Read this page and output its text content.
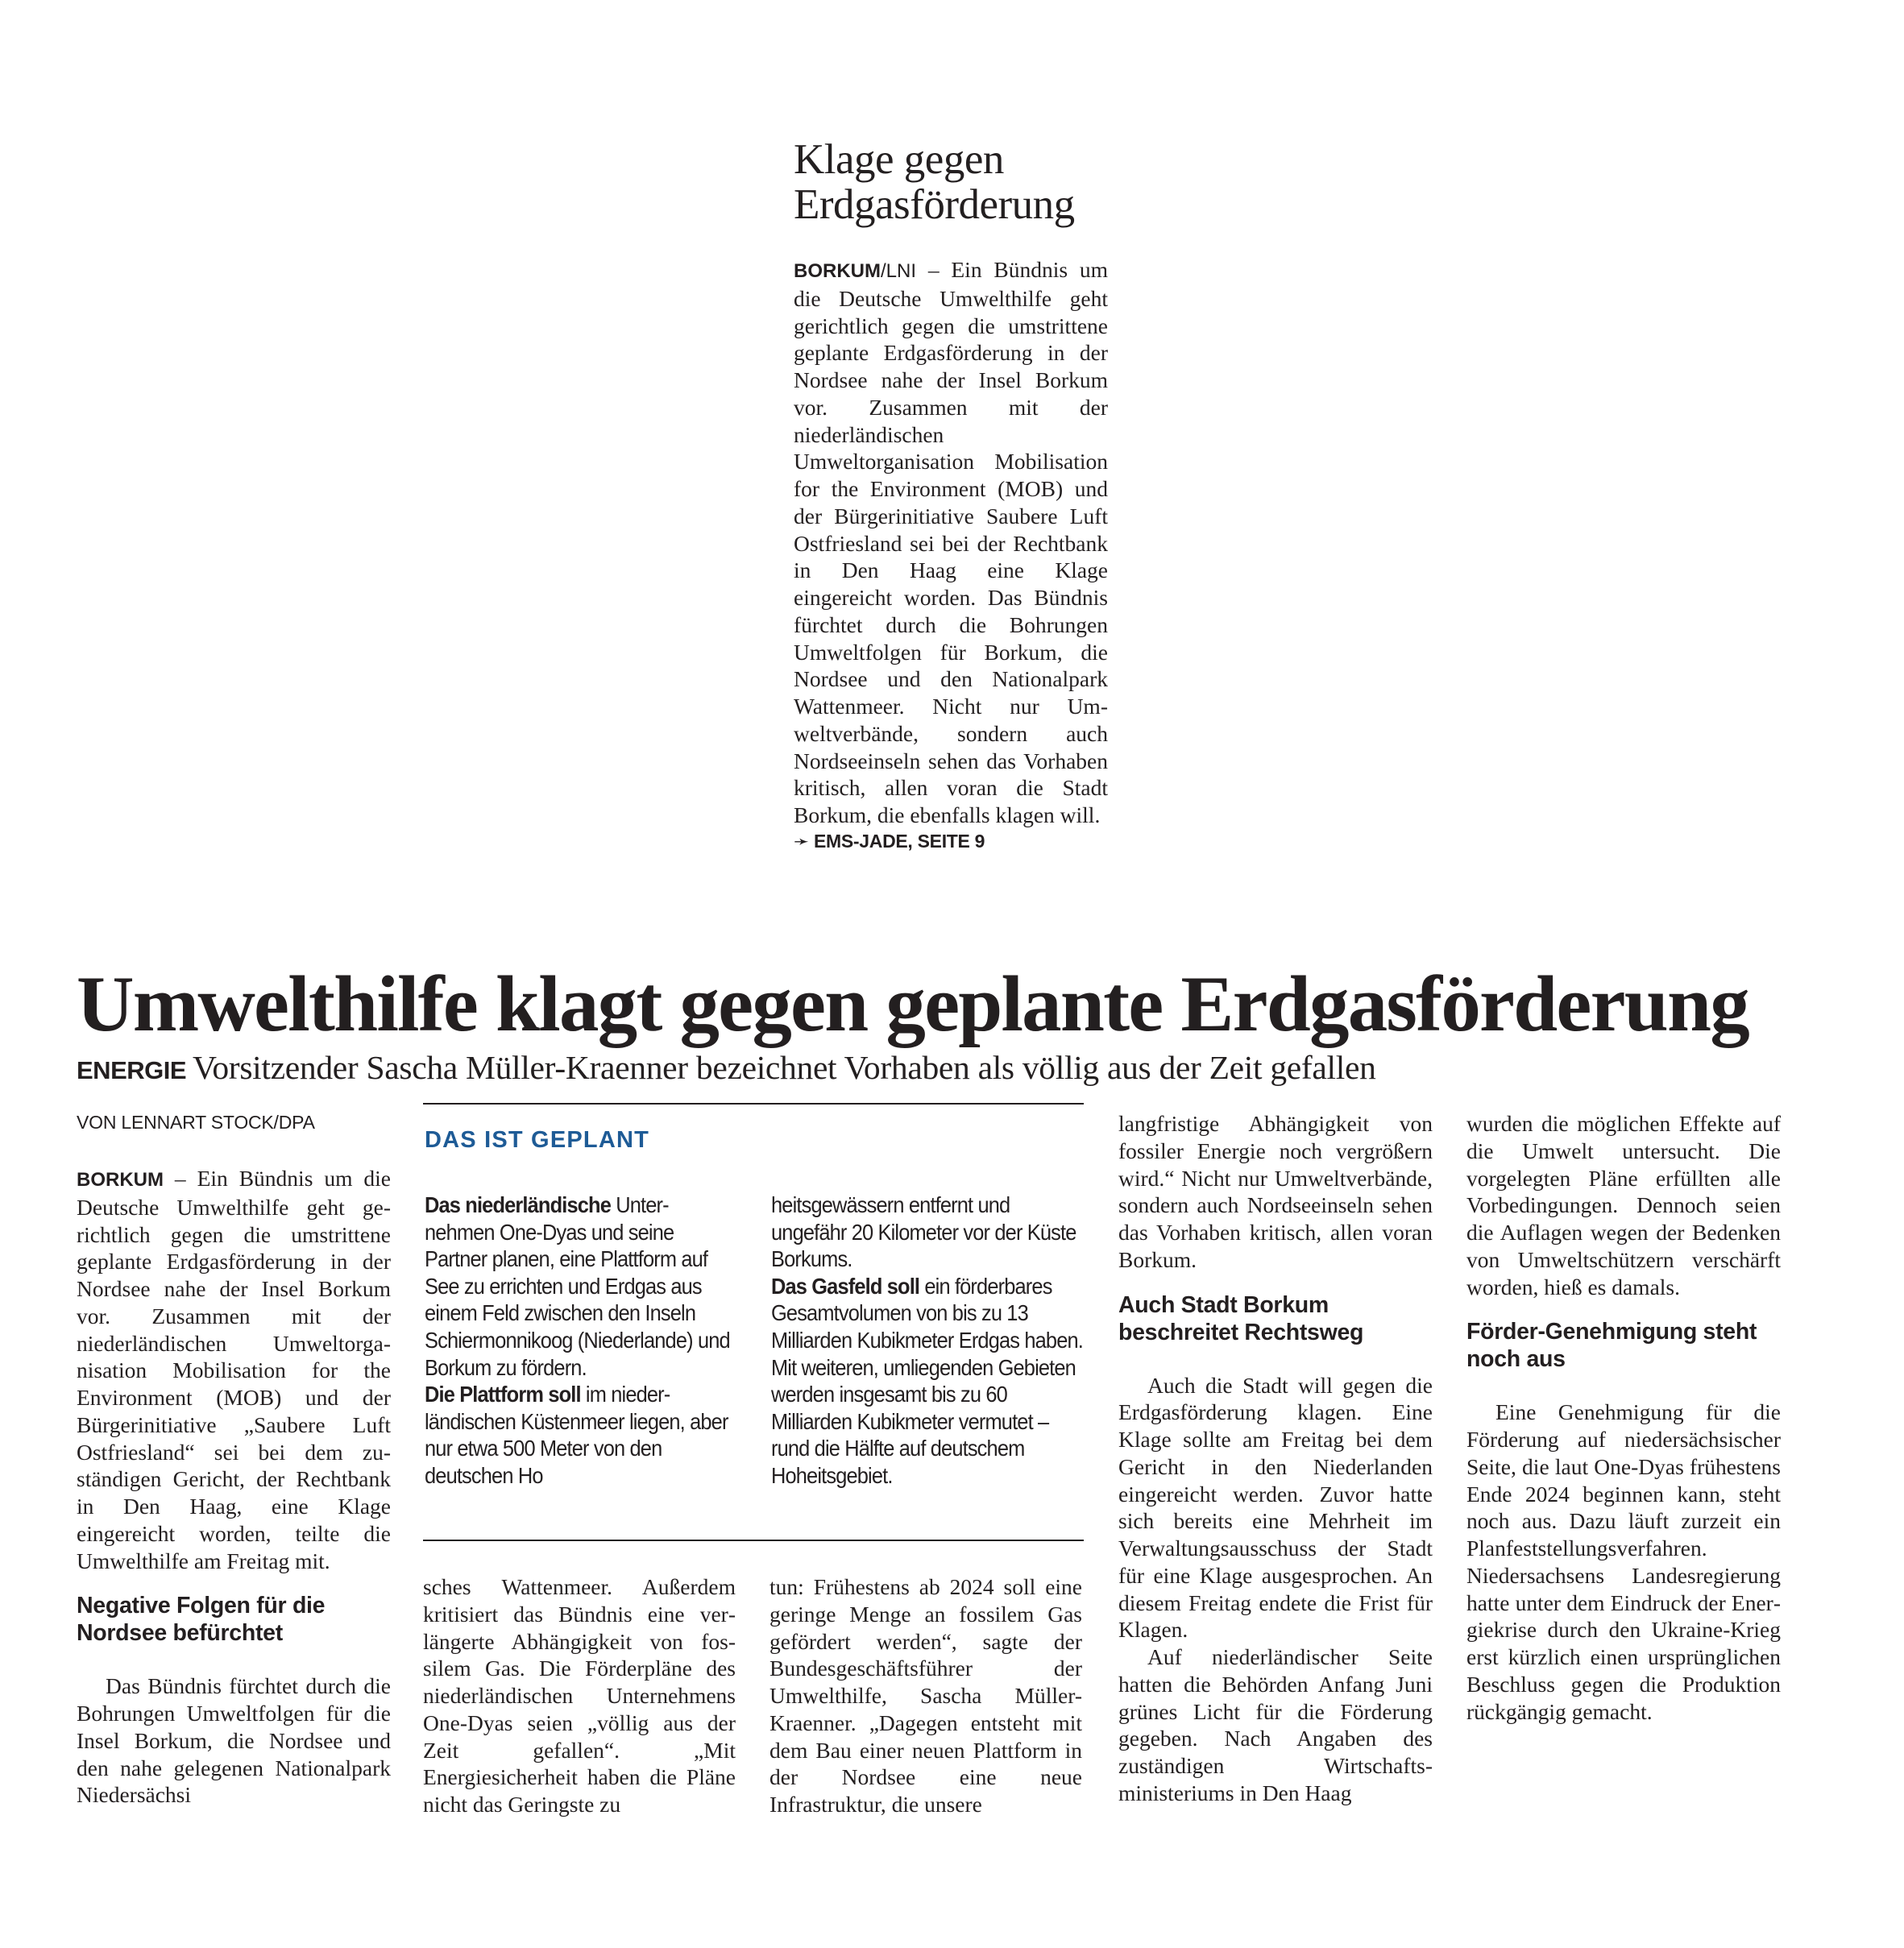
Klage gegen
Erdgasförderung

BORKUM/LNI – Ein Bündnis um die Deutsche Umwelthilfe geht gerichtlich gegen die umstrittene geplante Erdgasförderung in der Nordsee nahe der Insel Borkum vor. Zusammen mit der niederländischen Umweltorganisation Mobilisation for the Environment (MOB) und der Bürgerinitiative Saubere Luft Ostfriesland sei bei der Rechtbank in Den Haag eine Klage eingereicht worden. Das Bündnis fürchtet durch die Bohrungen Umweltfolgen für Borkum, die Nordsee und den Nationalpark Wattenmeer. Nicht nur Umweltverbände, sondern auch Nordseeinseln sehen das Vorhaben kritisch, allen voran die Stadt Borkum, die ebenfalls klagen will.

➛ EMS-JADE, SEITE 9
Umwelthilfe klagt gegen geplante Erdgasförderung

ENERGIE Vorsitzender Sascha Müller-Kraenner bezeichnet Vorhaben als völlig aus der Zeit gefallen

VON LENNART STOCK/DPA

BORKUM – Ein Bündnis um die Deutsche Umwelthilfe geht gerichtlich gegen die umstrittene geplante Erdgasförderung in der Nordsee nahe der Insel Borkum vor. Zusammen mit der niederländischen Umweltorganisation Mobilisation for the Environment (MOB) und der Bürgerinitiative „Saubere Luft Ostfriesland“ sei bei dem zuständigen Gericht, der Rechtbank in Den Haag, eine Klage eingereicht worden, teilte die Umwelthilfe am Freitag mit.

Negative Folgen für die Nordsee befürchtet

Das Bündnis fürchtet durch die Bohrungen Umweltfolgen für die Insel Borkum, die Nordsee und den nahe gelegenen Nationalpark Niedersächsi

DAS IST GEPLANT

Das niederländische Unternehmen One-Dyas und seine Partner planen, eine Plattform auf See zu errichten und Erdgas aus einem Feld zwischen den Inseln Schiermonnikoog (Niederlande) und Borkum zu fördern.

Die Plattform soll im niederländischen Küstenmeer liegen, aber nur etwa 500 Meter von den deutschen Ho

heitsgewässern entfernt und ungefähr 20 Kilometer vor der Küste Borkums.

Das Gasfeld soll ein förderbares Gesamtvolumen von bis zu 13 Milliarden Kubikmeter Erdgas haben. Mit weiteren, umliegenden Gebieten werden insgesamt bis zu 60 Milliarden Kubikmeter vermutet – rund die Hälfte auf deutschem Hoheitsgebiet.

sches Wattenmeer. Außerdem kritisiert das Bündnis eine verlängerte Abhängigkeit von fossilem Gas. Die Förderpläne des niederländischen Unternehmens One-Dyas seien „völlig aus der Zeit gefallen“. „Mit Energiesicherheit haben die Pläne nicht das Geringste zu

tun: Frühestens ab 2024 soll eine geringe Menge an fossilem Gas gefördert werden“, sagte der Bundesgeschäftsführer der Umwelthilfe, Sascha Müller-Kraenner. „Dagegen entsteht mit dem Bau einer neuen Plattform in der Nordsee eine neue Infrastruktur, die unsere

langfristige Abhängigkeit von fossiler Energie noch vergrößern wird.“ Nicht nur Umweltverbände, sondern auch Nordseeinseln sehen das Vorhaben kritisch, allen voran Borkum.

Auch Stadt Borkum beschreitet Rechtsweg

Auch die Stadt will gegen die Erdgasförderung klagen. Eine Klage sollte am Freitag bei dem Gericht in den Niederlanden eingereicht werden. Zuvor hatte sich bereits eine Mehrheit im Verwaltungsausschuss der Stadt für eine Klage ausgesprochen. An diesem Freitag endete die Frist für Klagen.

Auf niederländischer Seite hatten die Behörden Anfang Juni grünes Licht für die Förderung gegeben. Nach Angaben des zuständigen Wirtschaftsministeriums in Den Haag

wurden die möglichen Effekte auf die Umwelt untersucht. Die vorgelegten Pläne erfüllten alle Vorbedingungen. Dennoch seien die Auflagen wegen der Bedenken von Umweltschützern verschärft worden, hieß es damals.

Förder-Genehmigung steht noch aus

Eine Genehmigung für die Förderung auf niedersächsischer Seite, die laut One-Dyas frühestens Ende 2024 beginnen kann, steht noch aus. Dazu läuft zurzeit ein Planfeststellungsverfahren. Niedersachsens Landesregierung hatte unter dem Eindruck der Energiekrise durch den Ukraine-Krieg erst kürzlich einen ursprünglichen Beschluss gegen die Produktion rückgängig gemacht.
